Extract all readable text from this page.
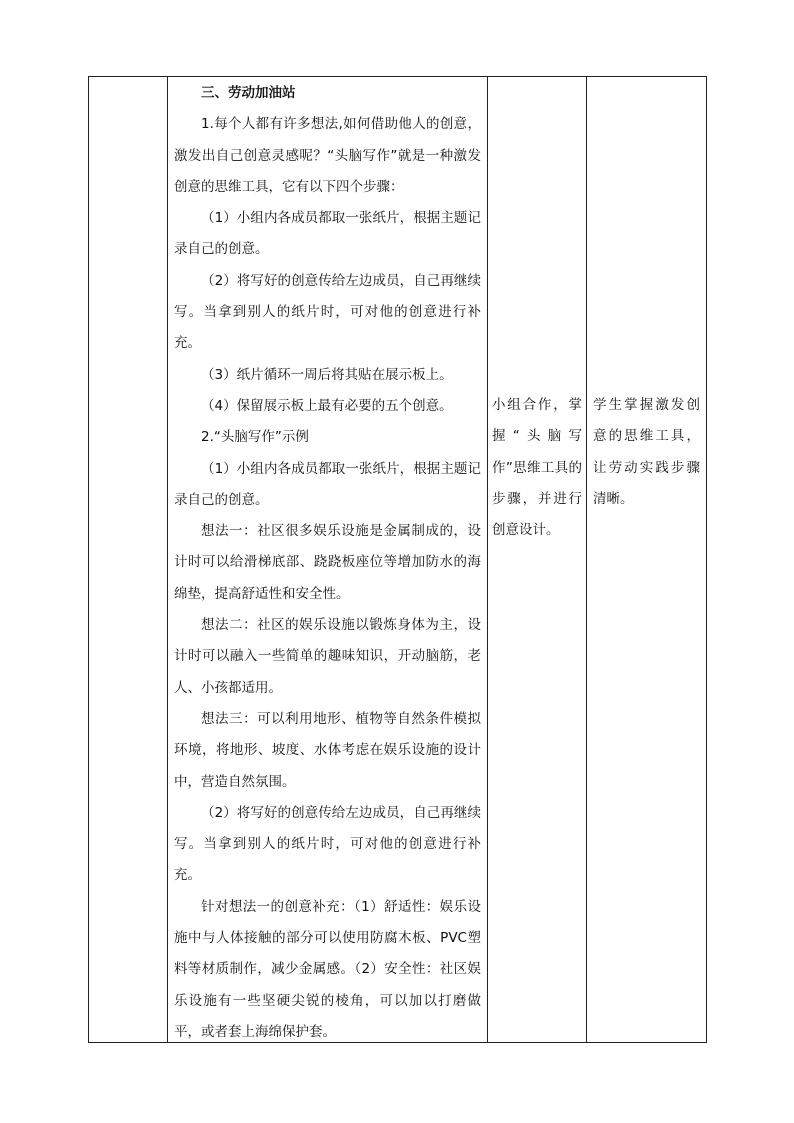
三、劳动加油站

1.每个人都有许多想法,如何借助他人的创意，激发出自己创意灵感呢？“头脑写作”就是一种激发创意的思维工具，它有以下四个步骤：

（1）小组内各成员都取一张纸片，根据主题记录自己的创意。

（2）将写好的创意传给左边成员，自己再继续写。当拿到别人的纸片时，可对他的创意进行补充。

（3）纸片循环一周后将其贴在展示板上。

（4）保留展示板上最有必要的五个创意。

2.“头脑写作”示例

（1）小组内各成员都取一张纸片，根据主题记录自己的创意。

想法一：社区很多娱乐设施是金属制成的，设计时可以给滑梯底部、跷跷板座位等增加防水的海绵垫，提高舒适性和安全性。

想法二：社区的娱乐设施以锻炼身体为主，设计时可以融入一些简单的趣味知识，开动脑筋，老人、小孩都适用。

想法三：可以利用地形、植物等自然条件模拟环境，将地形、坡度、水体考虑在娱乐设施的设计中，营造自然氛围。

（2）将写好的创意传给左边成员，自己再继续写。当拿到别人的纸片时，可对他的创意进行补充。

针对想法一的创意补充：（1）舒适性：娱乐设施中与人体接触的部分可以使用防腐木板、PVC塑料等材质制作，减少金属感。（2）安全性：社区娱乐设施有一些坚硬尖锐的棱角，可以加以打磨做平，或者套上海绵保护套。

小组合作，掌握“头脑写作”思维工具的步骤，并进行创意设计。

学生掌握激发创意的思维工具，让劳动实践步骤清晰。
